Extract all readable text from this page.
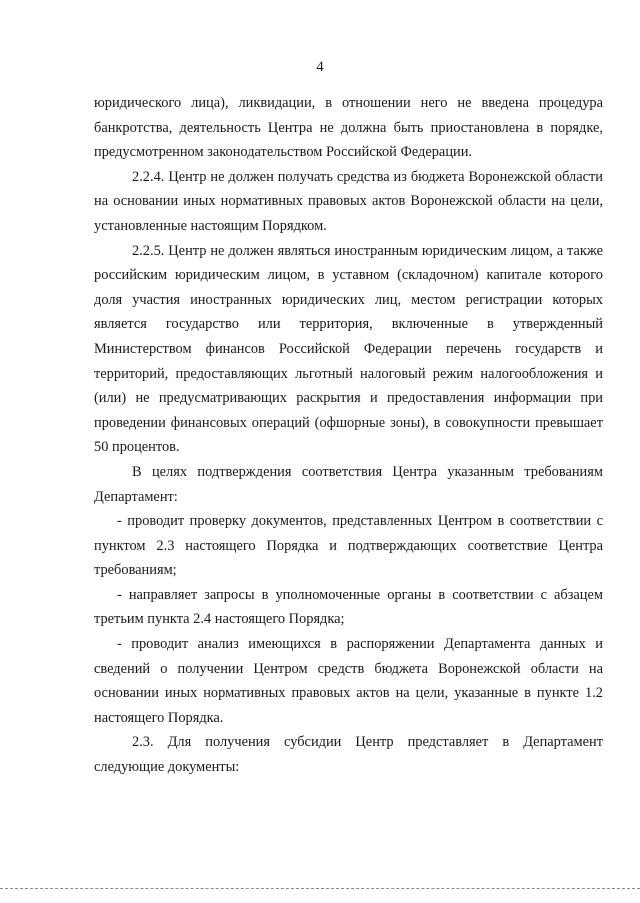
4

юридического лица), ликвидации, в отношении него не введена процедура банкротства, деятельность Центра не должна быть приостановлена в порядке, предусмотренном законодательством Российской Федерации.

2.2.4. Центр не должен получать средства из бюджета Воронежской области на основании иных нормативных правовых актов Воронежской области на цели, установленные настоящим Порядком.

2.2.5. Центр не должен являться иностранным юридическим лицом, а также российским юридическим лицом, в уставном (складочном) капитале которого доля участия иностранных юридических лиц, местом регистрации которых является государство или территория, включенные в утвержденный Министерством финансов Российской Федерации перечень государств и территорий, предоставляющих льготный налоговый режим налогообложения и (или) не предусматривающих раскрытия и предоставления информации при проведении финансовых операций (офшорные зоны), в совокупности превышает 50 процентов.

В целях подтверждения соответствия Центра указанным требованиям Департамент:

- проводит проверку документов, представленных Центром в соответствии с пунктом 2.3 настоящего Порядка и подтверждающих соответствие Центра требованиям;

- направляет запросы в уполномоченные органы в соответствии с абзацем третьим пункта 2.4 настоящего Порядка;

- проводит анализ имеющихся в распоряжении Департамента данных и сведений о получении Центром средств бюджета Воронежской области на основании иных нормативных правовых актов на цели, указанные в пункте 1.2 настоящего Порядка.

2.3. Для получения субсидии Центр представляет в Департамент следующие документы:
